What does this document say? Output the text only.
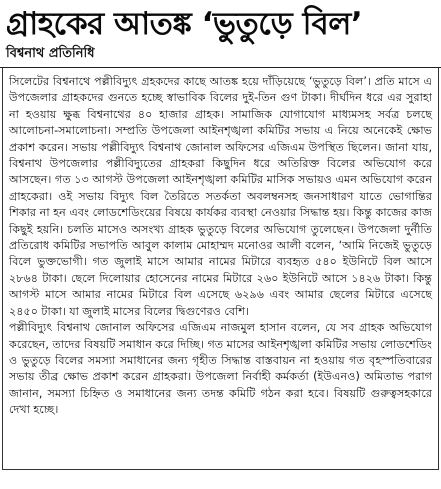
গ্রাহকের আতঙ্ক ‘ভুতুড়ে বিল’
বিশ্বনাথ প্রতিনিধি

সিলেটের বিশ্বনাথে পল্লীবিদ্যুৎ গ্রহকদের কাছে আতঙ্ক হয়ে দাঁড়িয়েছে ‘ভুতুড়ে বিল’। প্রতি মাসে এ উপজেলার গ্রাহকদের গুনতে হচ্ছে স্বাভাবিক বিলের দুই-তিন গুণ টাকা। দীর্ঘদিন ধরে এর সুরাহা না হওয়ায় ক্ষুব্ধ বিশ্বনাথের ৪০ হাজার গ্রাহক। সামাজিক যোগাযোগ মাধ্যমসহ সর্বত্র চলছে আলোচনা-সমালোচনা। সম্প্রতি উপজেলা আইনশৃঙ্খলা কমিটির সভায় এ নিয়ে অনেকেই ক্ষোভ প্রকাশ করেন। সভায় পল্লীবিদ্যুৎ বিশ্বনাথ জোনাল অফিসের এজিএম উপস্থিত ছিলেন। জানা যায়, বিশ্বনাথ উপজেলার পল্লীবিদ্যুতের গ্রাহকরা কিছুদিন ধরে অতিরিক্ত বিলের অভিযোগ করে আসছেন। গত ১৩ আগস্ট উপজেলা আইনশৃঙ্খলা কমিটির মাসিক সভায়ও এমন অভিযোগ করেন গ্রাহকেরা। ওই সভায় বিদ্যুৎ বিল তৈরিতে সতর্কতা অবলম্বনসহ জনসাধারণ যাতে ভোগান্তির শিকার না হন এবং লোডশেডিংয়ের বিষয়ে কার্যকর ব্যবস্থা নেওয়ার সিদ্ধান্ত হয়। কিন্তু কাজের কাজ কিছুই হয়নি। চলতি মাসেও অসংখ্য গ্রাহক ভুতুড়ে বিলের অভিযোগ তুলেছেন। উপজেলা দুর্নীতি প্রতিরোধ কমিটির সভাপতি আবুল কালাম মোহাম্মদ মনোওর আলী বলেন, ‘আমি নিজেই ভুতুড়ে বিলে ভুক্তভোগী। গত জুলাই মাসে আমার নামের মিটারে ব্যবহৃত ৫৪০ ইউনিটে বিল আসে ২৮৬৪ টাকা। ছেলে দিলোয়ার হোসেনের নামের মিটারে ২৬০ ইউনিটে আসে ১৪২৬ টাকা। কিন্তু আগস্ট মাসে আমার নামের মিটারে বিল এসেছে ৬২৯৬ এবং আমার ছেলের মিটারে এসেছে ২৪৫০ টাকা। যা জুলাই মাসের বিলের দ্বিগুণেরও বেশি।

পল্লীবিদ্যুৎ বিশ্বনাথ জোনাল অফিসের এজিএম নাজমুল হাসান বলেন, যে সব গ্রাহক অভিযোগ করেছেন, তাদের বিষয়টি সমাধান করে দিচ্ছি। গত মাসের আইনশৃঙ্খলা কমিটির সভায় লোডশেডিং ও ভুতুড়ে বিলের সমস্যা সমাধানের জন্য গৃহীত সিদ্ধান্ত বাস্তবায়ন না হওয়ায় গত বৃহস্পতিবারের সভায় তীব্র ক্ষোভ প্রকাশ করেন গ্রাহকরা। উপজেলা নির্বাহী কর্মকর্তা (ইউএনও) অমিতাভ পরাগ জানান, সমস্যা চিহ্নিত ও সমাধানের জন্য তদন্ত কমিটি গঠন করা হবে। বিষয়টি গুরুত্বসহকারে দেখা হচ্ছে।
